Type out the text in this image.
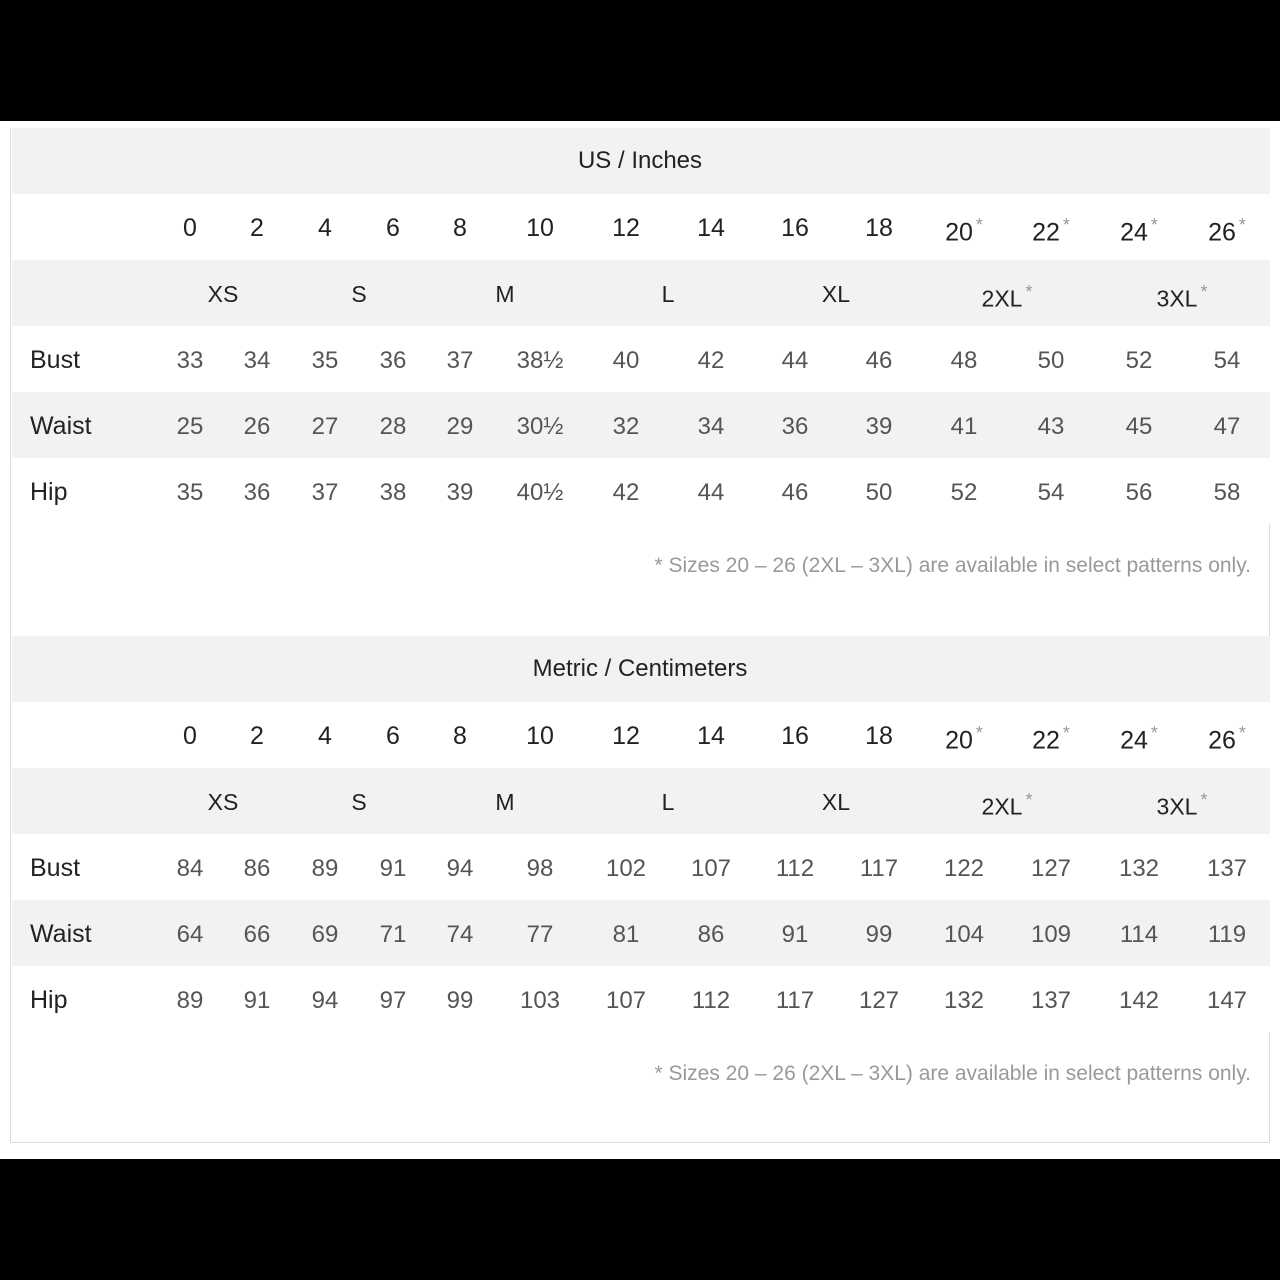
US / Inches
0 2 4 6 8 10 12 14 16 18 20 * 22 * 24 * 26 *
XS	S	M	L	XL	2XL *	3XL *
Bust	33 34 35 36 37 38½ 40 42 44 46 48	50	52	54
Waist	25 26 27 28 29 30½ 32 34 36 39 41	43	45	47
Hip	35 36 37 38 39 40½ 42 44 46 50 52	54	56	58
* Sizes 20 – 26 (2XL – 3XL) are available in select patterns only.
Metric / Centimeters
0 2 4 6 8 10 12 14 16 18 20 * 22 * 24 * 26 *
XS	S	M	L	XL	2XL *	3XL *
Bust	84 86 89 91 94 98 102 107 112 117 122 127 132 137
Waist	64 66 69 71 74 77 81 86 91 99 104 109 114 119
Hip	89 91 94 97 99 103 107 112 117 127 132 137 142 147
* Sizes 20 – 26 (2XL – 3XL) are available in select patterns only.
